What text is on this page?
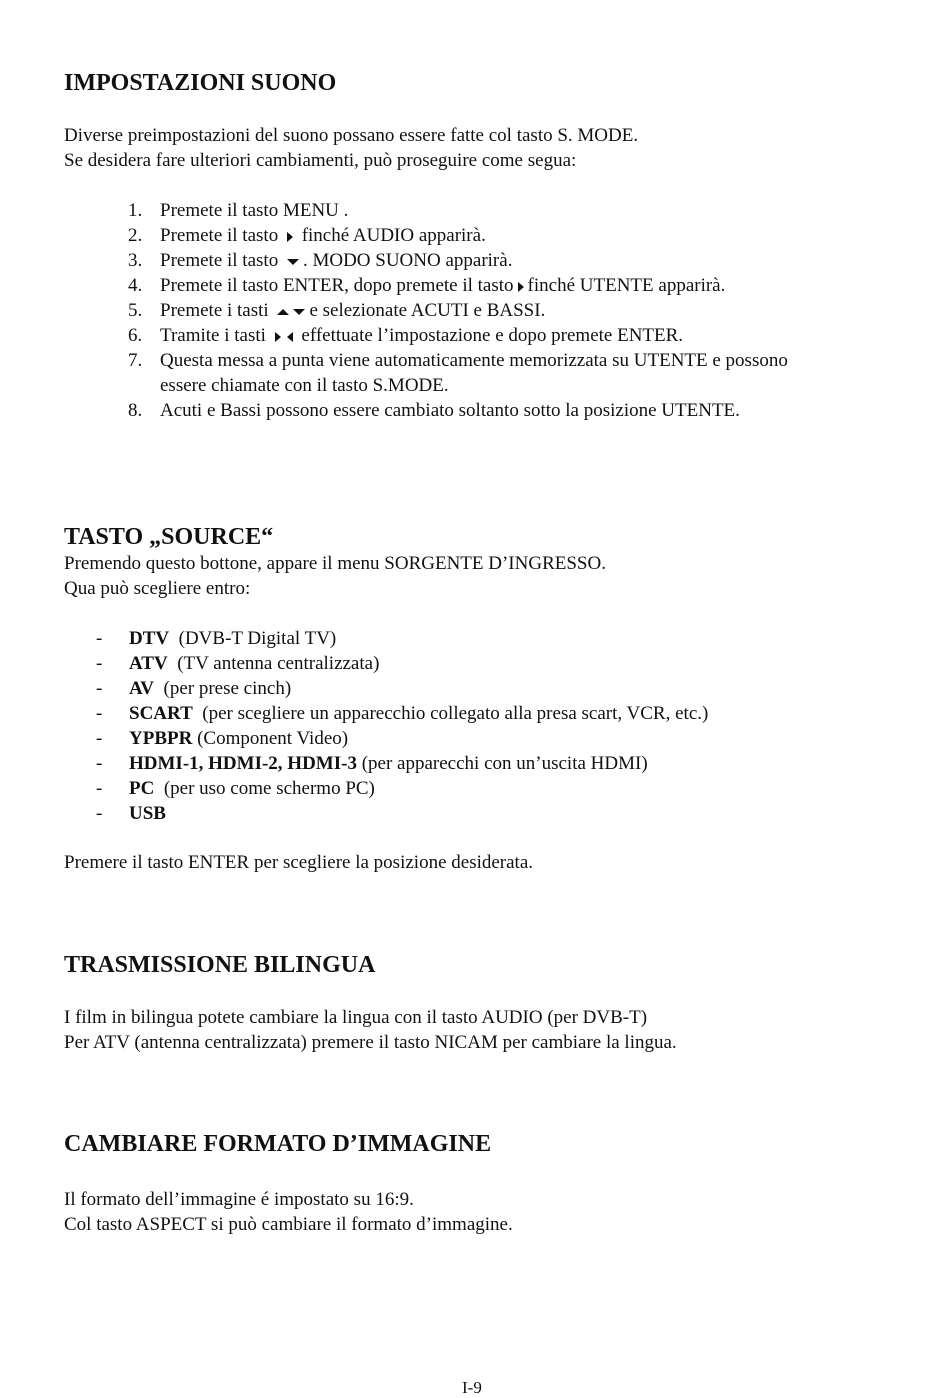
IMPOSTAZIONI SUONO
Diverse preimpostazioni del suono possano essere fatte col tasto S. MODE.
Se desidera fare ulteriori cambiamenti, può proseguire come segua:
1. Premete il tasto MENU .
2. Premete il tasto  finché AUDIO apparirà.
3. Premete il tasto . MODO SUONO apparirà.
4. Premete il tasto ENTER, dopo premete il tasto finché UTENTE apparirà.
5. Premete i tasti e selezionate ACUTI e BASSI.
6. Tramite i tasti  effettuate l’impostazione e dopo premete ENTER.
7. Questa messa a punta viene automaticamente memorizzata su UTENTE e possono
essere chiamate con il tasto S.MODE.
8. Acuti e Bassi possono essere cambiato soltanto sotto la posizione UTENTE.
TASTO „SOURCE“
Premendo questo bottone, appare il menu SORGENTE D’INGRESSO.
Qua può scegliere entro:
- DTV  (DVB-T Digital TV)
- ATV  (TV antenna centralizzata)
- AV  (per prese cinch)
- SCART  (per scegliere un apparecchio collegato alla presa scart, VCR, etc.)
- YPBPR (Component Video)
- HDMI-1, HDMI-2, HDMI-3 (per apparecchi con un’uscita HDMI)
- PC  (per uso come schermo PC)
- USB
Premere il tasto ENTER per scegliere la posizione desiderata.
TRASMISSIONE BILINGUA
I film in bilingua potete cambiare la lingua con il tasto AUDIO (per DVB-T)
Per ATV (antenna centralizzata) premere il tasto NICAM per cambiare la lingua.
CAMBIARE FORMATO D’IMMAGINE
Il formato dell’immagine é impostato su 16:9.
Col tasto ASPECT si può cambiare il formato d’immagine.
I-9
